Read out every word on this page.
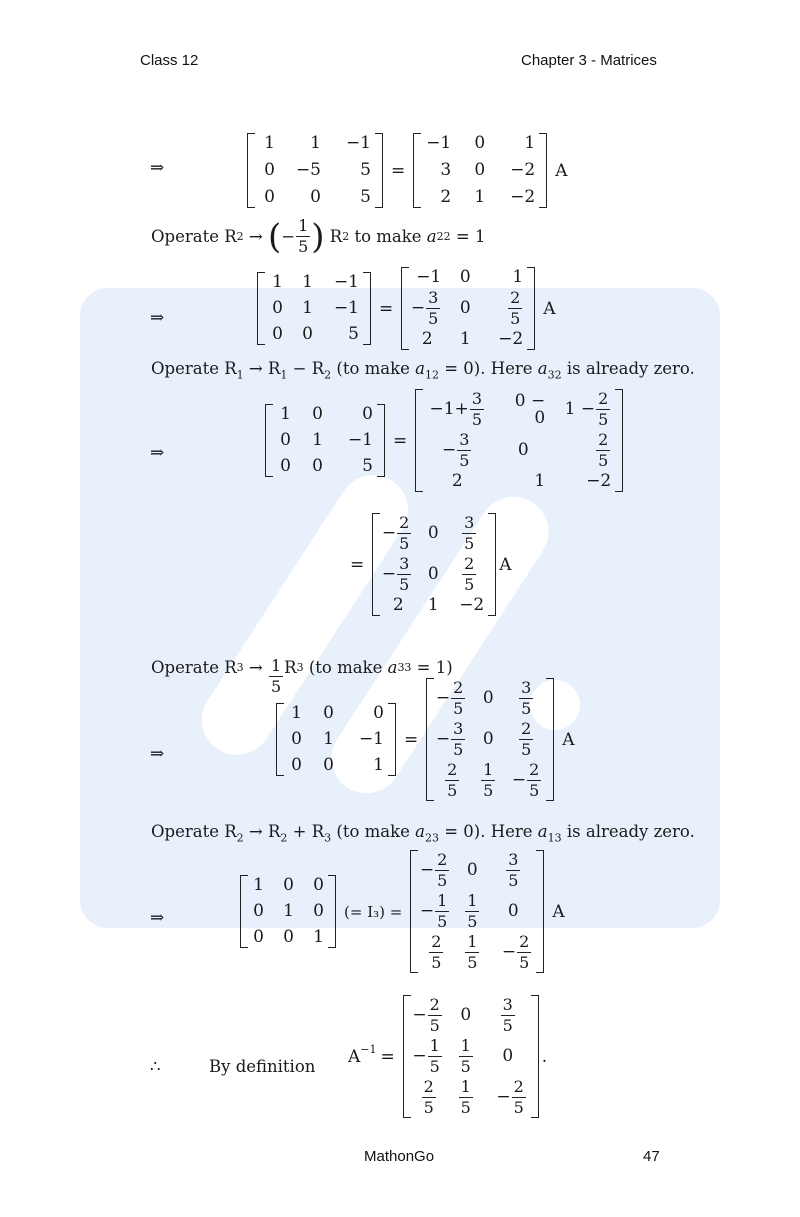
Class 12	Chapter 3 - Matrices
⇒
1	1	−1
0	−5	5
0	0	5
=
−1	0	1
3	0	−2
2	1	−2
A
Operate R 2 → ( − $\frac{1}{5}$ )
R 2 to make a 22 = 1
⇒
1	1	−1
0	1	−1
0	0	5
=
−1 0	1
− $\frac{3}{5} 0 \frac{2}{5}$
2	1	−2
A
Operate $R_1 \to R_1 - R_2$ (to make $a_{12} = 0$). Here $a_{32}$ is already zero.
⇒
1	0	0
0	1	−1
0	0	5
=
$-1+ \frac{3}{5}$	0 − 0	$1 - \frac{2}{5}$
− $\frac{3}{5}$	0	$\frac{2}{5}$
2	1	−2
=
− $\frac{2}{5} 0 \frac{3}{5}$
− $\frac{3}{5} 0 \frac{2}{5}$
2	1 −2
A
Operate R $3 \to \frac{1}{5}$ R 3 (to make a 33 = 1)
⇒
1	0	0
0	1	−1
0	0	1
=
− $\frac{2}{5} 0 \frac{3}{5}$
− $\frac{3}{5} 0 \frac{2}{5}$
$\frac{2}{5} \frac{1}{5} - \frac{2}{5}$
A
Operate $R_2 \to R_2 + R_3$ (to make $a_{23} = 0$). Here $a_{13}$ is already zero.
⇒
1	0	0
0	1	0
0	0	1
(= I₃) =
− $\frac{2}{5} 0 \frac{3}{5}$
− $\frac{1}{5} \frac{1}{5}$	0
$\frac{2}{5} \frac{1}{5}$	− $\frac{2}{5}$
A
∴	By definition $A^{-1}$ =
− $\frac{2}{5} 0 \frac{3}{5}$
− $\frac{1}{5} \frac{1}{5}$	0
$\frac{2}{5} \frac{1}{5}$	− $\frac{2}{5}$
.
MathonGo	47
